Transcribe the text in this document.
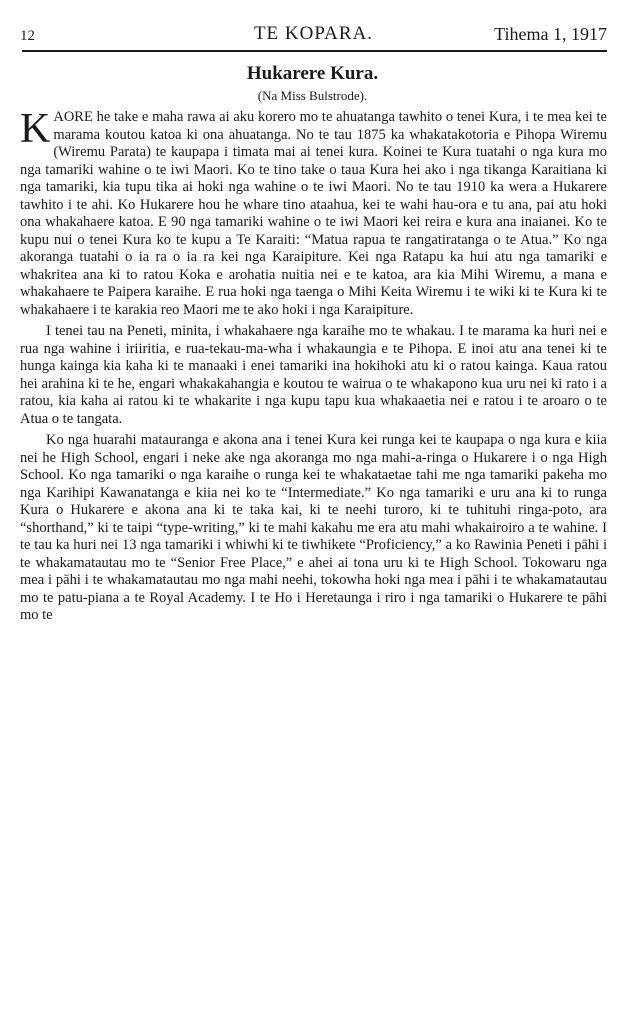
12	TE KOPARA.	Tihema 1, 1917
Hukarere Kura.
(Na Miss Bulstrode).

KAORE he take e maha rawa ai aku korero mo te ahuatanga tawhito o tenei Kura, i te mea kei te marama koutou katoa ki ona ahuatanga. No te tau 1875 ka whakatakotoria e Pihopa Wiremu (Wiremu Parata) te kaupapa i timata mai ai tenei kura. Koinei te Kura tuatahi o nga kura mo nga tamariki wahine o te iwi Maori. Ko te tino take o taua Kura hei ako i nga tikanga Karaitiana ki nga tamariki, kia tupu tika ai hoki nga wahine o te iwi Maori. No te tau 1910 ka wera a Hukarere tawhito i te ahi. Ko Hukarere hou he whare tino ataahua, kei te wahi hau-ora e tu ana, pai atu hoki ona whakahaere katoa. E 90 nga tamariki wahine o te iwi Maori kei reira e kura ana inaianei. Ko te kupu nui o tenei Kura ko te kupu a Te Karaiti: “Matua rapua te rangatiratanga o te Atua.” Ko nga akoranga tuatahi o ia ra o ia ra kei nga Karaipiture. Kei nga Ratapu ka hui atu nga tamariki e whakritea ana ki to ratou Koka e arohatia nuitia nei e te katoa, ara kia Mihi Wiremu, a mana e whakahaere te Paipera karaihe. E rua hoki nga taenga o Mihi Keita Wiremu i te wiki ki te Kura ki te whakahaere i te karakia reo Maori me te ako hoki i nga Karaipiture.

I tenei tau na Peneti, minita, i whakahaere nga karaihe mo te whakau. I te marama ka huri nei e rua nga wahine i iriiritia, e rua-tekau-ma-wha i whakaungia e te Pihopa. E inoi atu ana tenei ki te hunga kainga kia kaha ki te manaaki i enei tamariki ina hokihoki atu ki o ratou kainga. Kaua ratou hei arahina ki te he, engari whakakahangia e koutou te wairua o te whakapono kua uru nei ki rato i a ratou, kia kaha ai ratou ki te whakarite i nga kupu tapu kua whakaaetia nei e ratou i te aroaro o te Atua o te tangata.

Ko nga huarahi matauranga e akona ana i tenei Kura kei runga kei te kaupapa o nga kura e kiia nei he High School, engari i neke ake nga akoranga mo nga mahi-a-ringa o Hukarere i o nga High School. Ko nga tamariki o nga karaihe o runga kei te whakataetae tahi me nga tamariki pakeha mo nga Karihipi Kawanatanga e kiia nei ko te “Intermediate.” Ko nga tamariki e uru ana ki to runga Kura o Hukarere e akona ana ki te taka kai, ki te neehi turoro, ki te tuhituhi ringa-poto, ara “shorthand,” ki te taipi “type-writing,” ki te mahi kakahu me era atu mahi whakairoiro a te wahine. I te tau ka huri nei 13 nga tamariki i whiwhi ki te tiwhikete “Proficiency,” a ko Rawinia Peneti i pāhi i te whakamatautau mo te “Senior Free Place,” e ahei ai tona uru ki te High School. Tokowaru nga mea i pāhi i te whakamatautau mo nga mahi neehi, tokowha hoki nga mea i pāhi i te whakamatautau mo te patu-piana a te Royal Academy. I te Ho i Heretaunga i riro i nga tamariki o Hukarere te pāhi mo te
